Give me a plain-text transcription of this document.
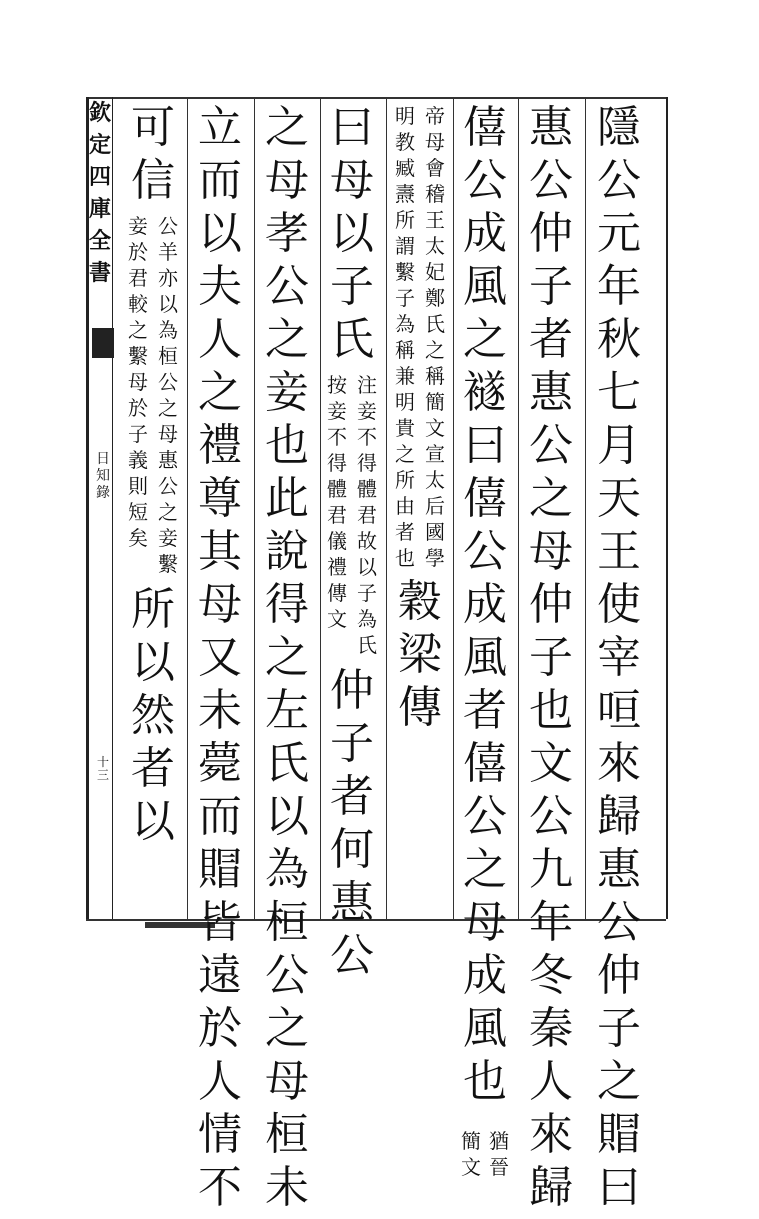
欽
定
四
庫
全
書
日
知
錄
十
三
隱
公
元
年
秋
七
月
天
王
使
宰
咺
來
歸
惠
公
仲
子
之
賵
曰
惠
公
仲
子
者
惠
公
之
母
仲
子
也
文
公
九
年
冬
秦
人
來
歸
僖
公
成
風
之
襚
曰
僖
公
成
風
者
僖
公
之
母
成
風
也
猶
晉
簡
文
帝
母
會
稽
王
太
妃
鄭
氏
之
稱
簡
文
宣
太
后
國
學
明
教
臧
燾
所
謂
繫
子
為
稱
兼
明
貴
之
所
由
者
也
穀
梁
傳
曰
母
以
子
氏
注
妾
不
得
體
君
故
以
子
為
氏
按
妾
不
得
體
君
儀
禮
傳
文
仲
子
者
何
惠
公
之
母
孝
公
之
妾
也
此
說
得
之
左
氏
以
為
桓
公
之
母
桓
未
立
而
以
夫
人
之
禮
尊
其
母
又
未
薨
而
賵
皆
遠
於
人
情
不
可
信
公
羊
亦
以
為
桓
公
之
母
惠
公
之
妾
繫
妾
於
君
較
之
繫
母
於
子
義
則
短
矣
所
以
然
者
以
